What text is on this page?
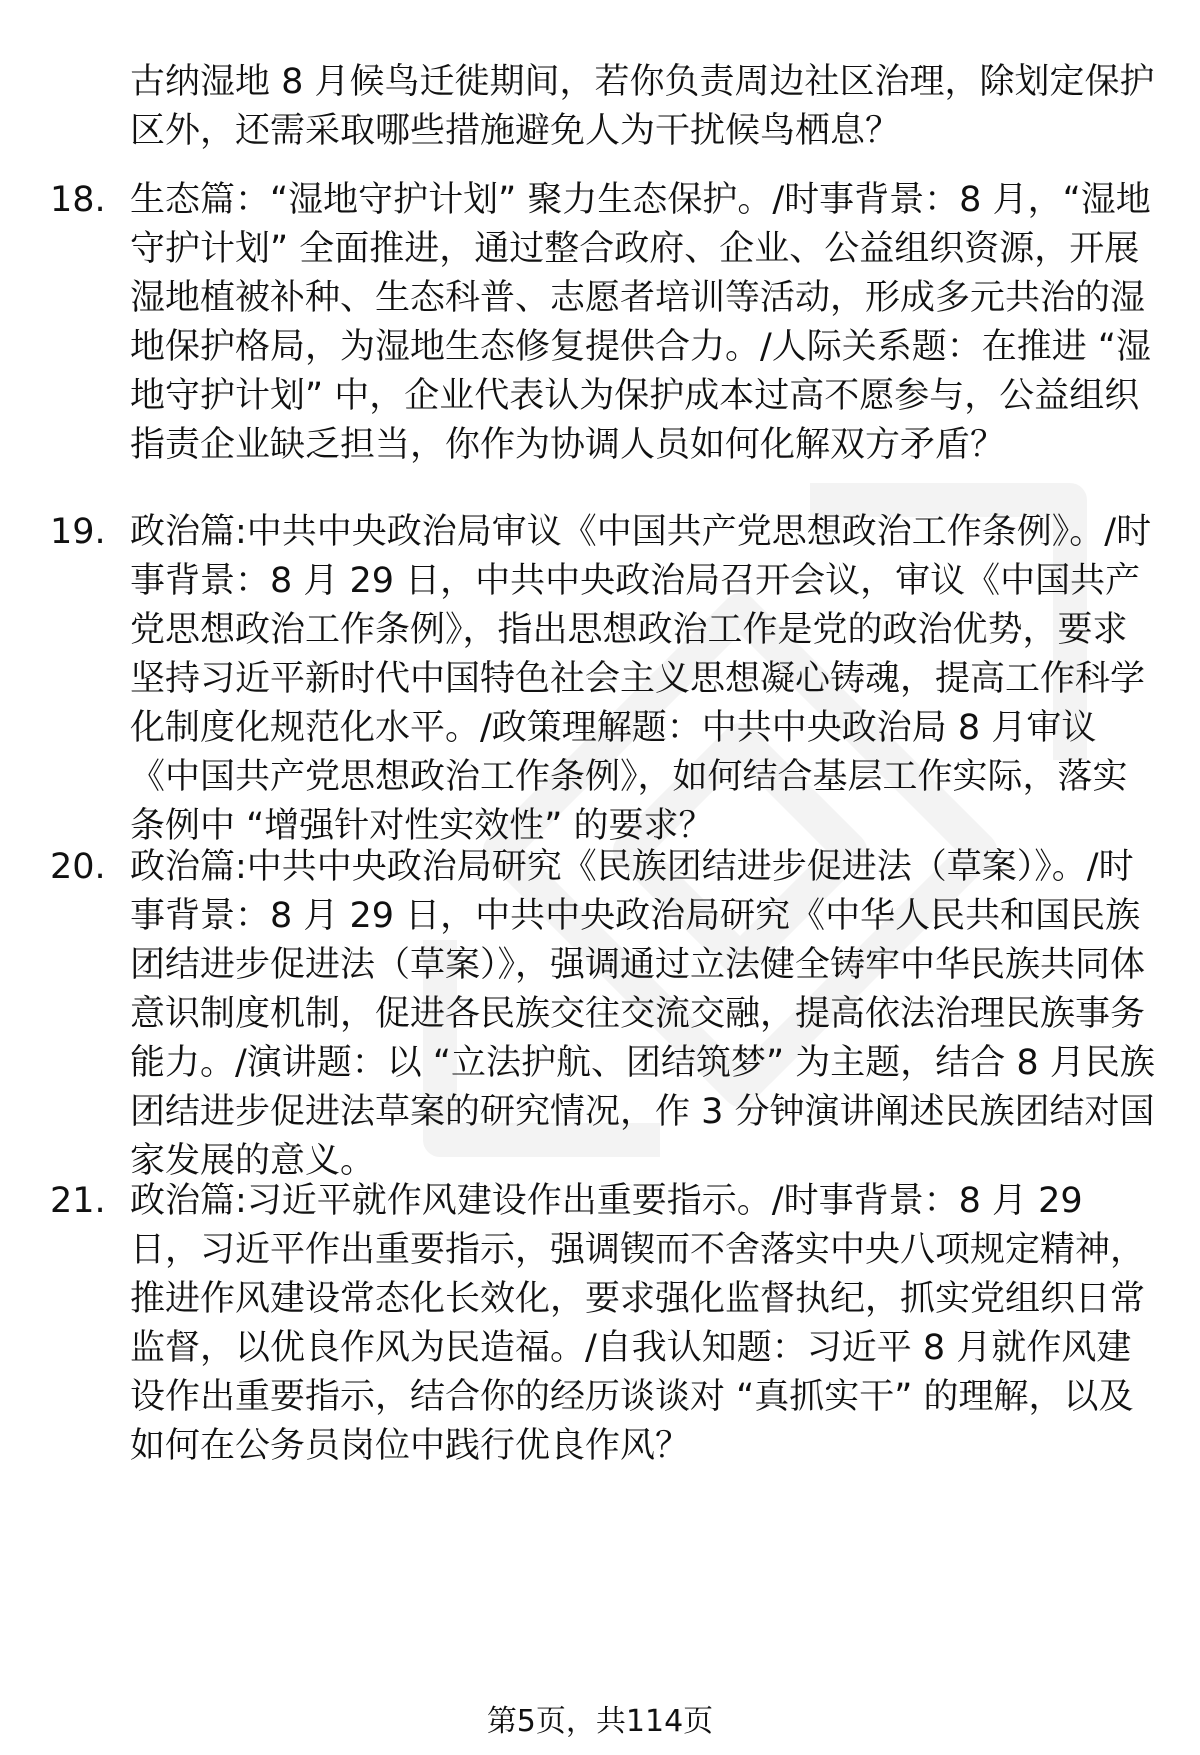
古纳湿地 8 月候鸟迁徙期间，若你负责周边社区治理，除划定保护区外，还需采取哪些措施避免人为干扰候鸟栖息？

18. 生态篇：“湿地守护计划” 聚力生态保护。/时事背景：8 月，“湿地守护计划” 全面推进，通过整合政府、企业、公益组织资源，开展湿地植被补种、生态科普、志愿者培训等活动，形成多元共治的湿地保护格局，为湿地生态修复提供合力。/人际关系题：在推进 “湿地守护计划” 中，企业代表认为保护成本过高不愿参与，公益组织指责企业缺乏担当，你作为协调人员如何化解双方矛盾？
19. 政治篇:中共中央政治局审议《中国共产党思想政治工作条例》。/时事背景：8 月 29 日，中共中央政治局召开会议，审议《中国共产党思想政治工作条例》，指出思想政治工作是党的政治优势，要求坚持习近平新时代中国特色社会主义思想凝心铸魂，提高工作科学化制度化规范化水平。/政策理解题：中共中央政治局 8 月审议《中国共产党思想政治工作条例》，如何结合基层工作实际，落实条例中 “增强针对性实效性” 的要求？
20. 政治篇:中共中央政治局研究《民族团结进步促进法（草案）》。/时事背景：8 月 29 日，中共中央政治局研究《中华人民共和国民族团结进步促进法（草案）》，强调通过立法健全铸牢中华民族共同体意识制度机制，促进各民族交往交流交融，提高依法治理民族事务能力。/演讲题：以 “立法护航、团结筑梦” 为主题，结合 8 月民族团结进步促进法草案的研究情况，作 3 分钟演讲阐述民族团结对国家发展的意义。
21. 政治篇:习近平就作风建设作出重要指示。/时事背景：8 月 29 日，习近平作出重要指示，强调锲而不舍落实中央八项规定精神，推进作风建设常态化长效化，要求强化监督执纪，抓实党组织日常监督，以优良作风为民造福。/自我认知题：习近平 8 月就作风建设作出重要指示，结合你的经历谈谈对 “真抓实干” 的理解，以及如何在公务员岗位中践行优良作风？
第5页，共114页
